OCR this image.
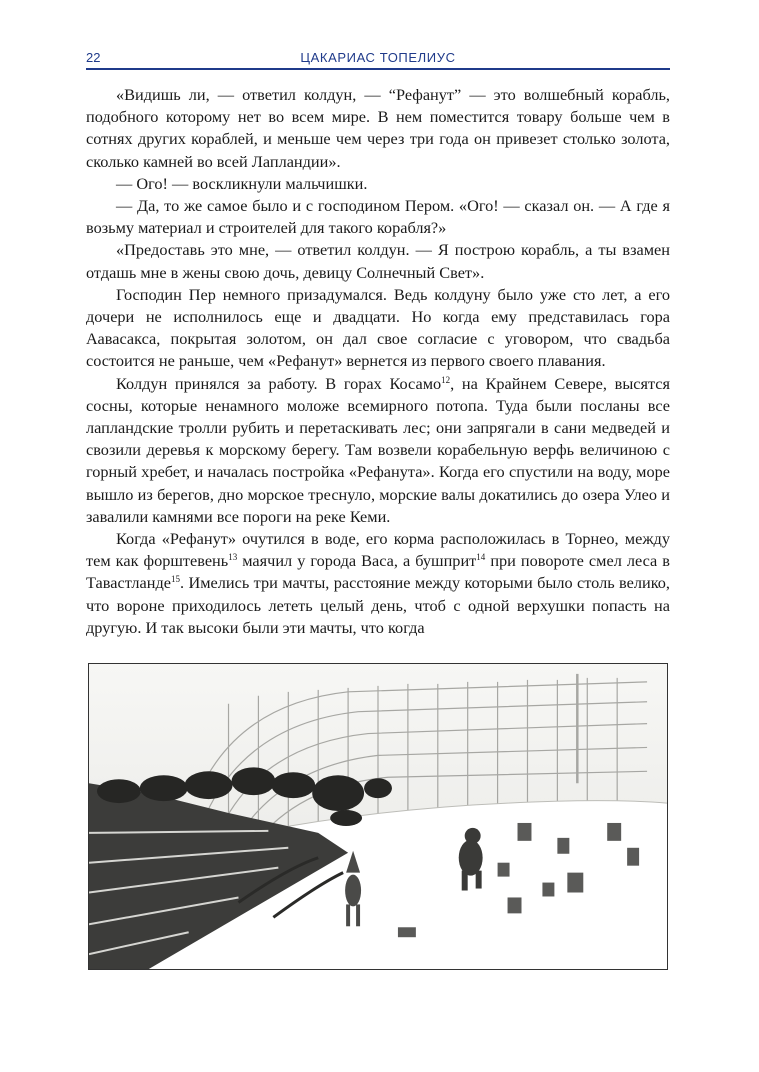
22	ЦАКАРИАС ТОПЕЛИУС

«Видишь ли, — ответил колдун, — “Рефанут” — это волшебный корабль, подобного которому нет во всем мире. В нем поместится товару больше чем в сотнях других кораблей, и меньше чем через три года он привезет столько золота, сколько камней во всей Лапландии».

— Ого! — воскликнули мальчишки.

— Да, то же самое было и с господином Пером. «Ого! — сказал он. — А где я возьму материал и строителей для такого корабля?»

«Предоставь это мне, — ответил колдун. — Я построю корабль, а ты взамен отдашь мне в жены свою дочь, девицу Солнечный Свет».

Господин Пер немного призадумался. Ведь колдуну было уже сто лет, а его дочери не исполнилось еще и двадцати. Но когда ему представилась гора Аавасакса, покрытая золотом, он дал свое согласие с уговором, что свадьба состоится не раньше, чем «Рефанут» вернется из первого своего плавания.

Колдун принялся за работу. В горах Косамо$^{12}$, на Крайнем Севере, высятся сосны, которые ненамного моложе всемирного потопа. Туда были посланы все лапландские тролли рубить и перетаскивать лес; они запрягали в сани медведей и свозили деревья к морскому берегу. Там возвели корабельную верфь величиною с горный хребет, и началась постройка «Рефанута». Когда его спустили на воду, море вышло из берегов, дно морское треснуло, морские валы докатились до озера Улео и завалили камнями все пороги на реке Кеми.

Когда «Рефанут» очутился в воде, его корма расположилась в Торнео, между тем как форштевень$^{13}$ маячил у города Васа, а бушприт$^{14}$ при повороте смел леса в Тавастланде$^{15}$. Имелись три мачты, расстояние между которыми было столь велико, что вороне приходилось лететь целый день, чтоб с одной верхушки попасть на другую. И так высоки были эти мачты, что когда
